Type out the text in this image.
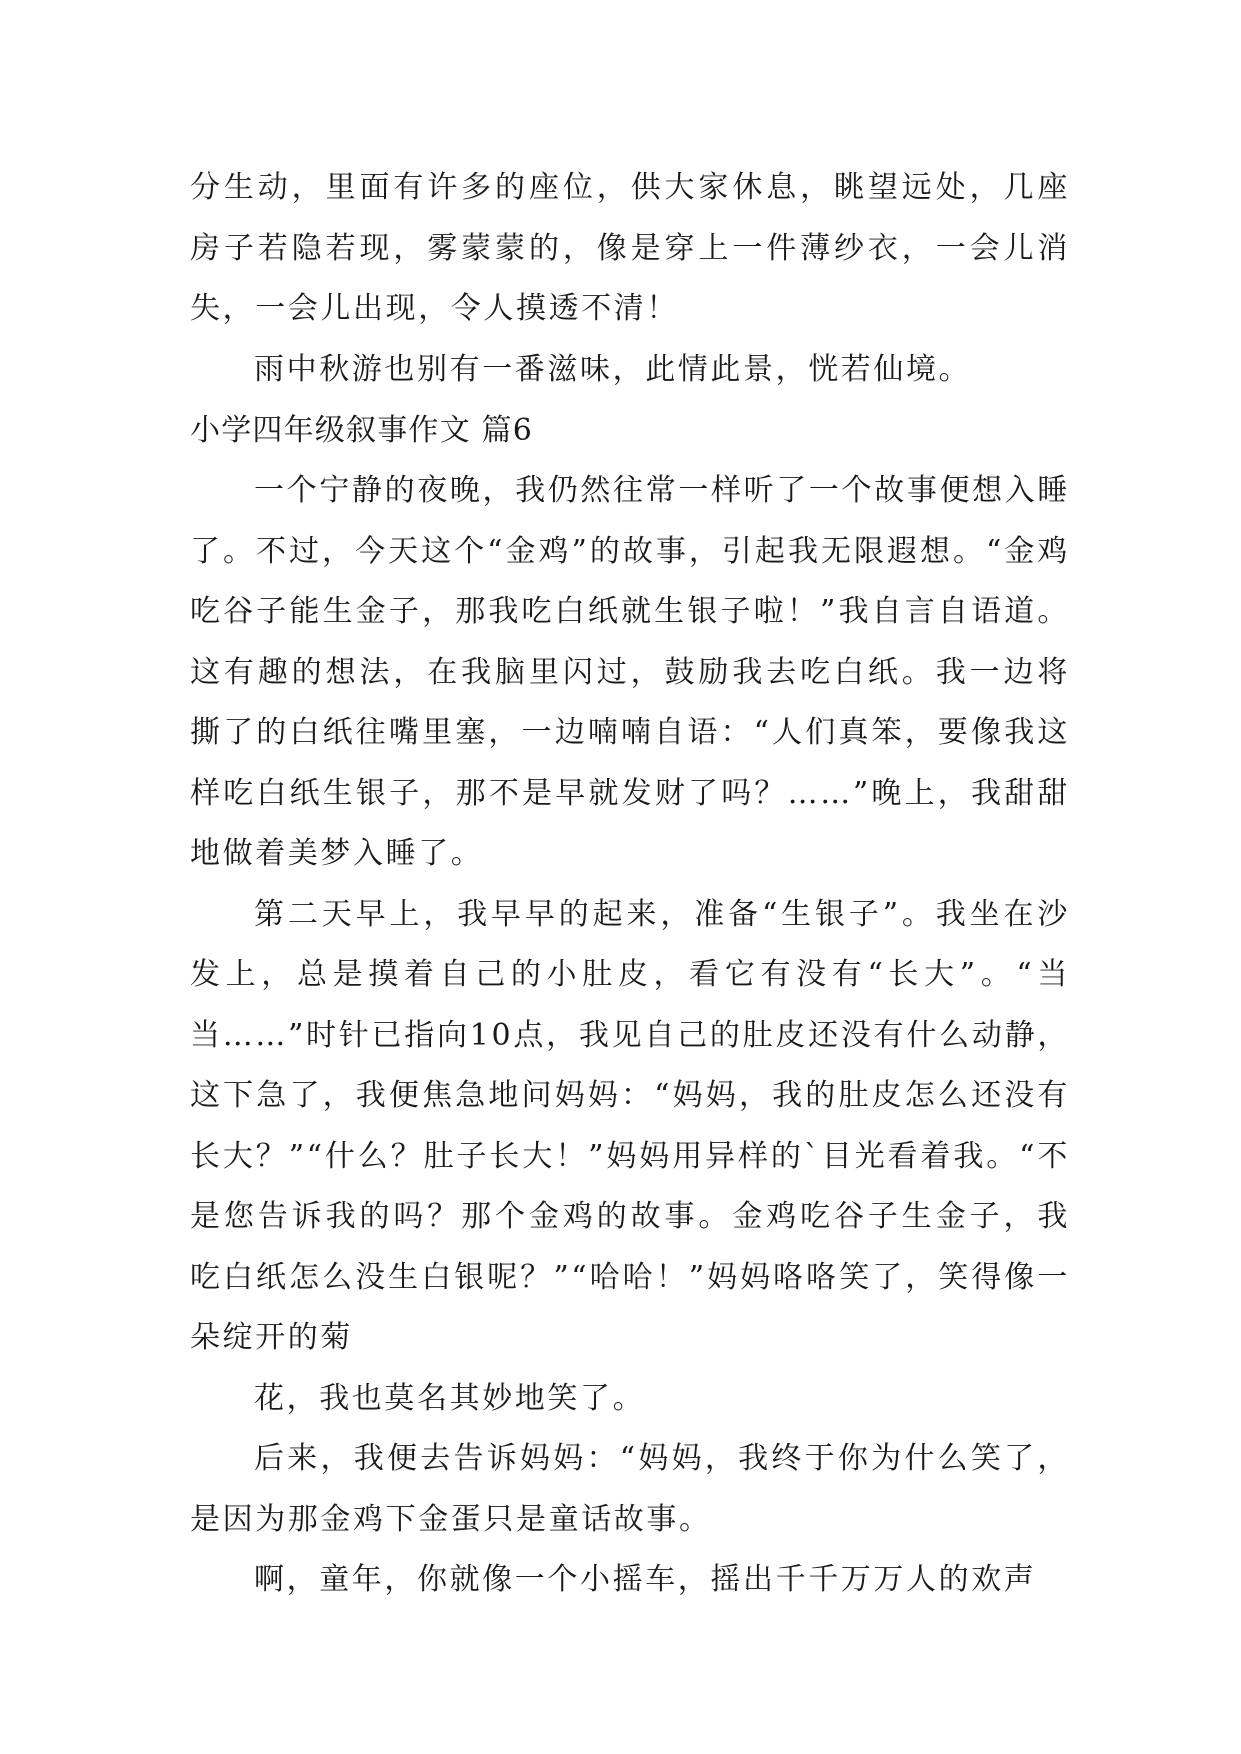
分生动，里面有许多的座位，供大家休息，眺望远处，几座房子若隐若现，雾蒙蒙的，像是穿上一件薄纱衣，一会儿消失，一会儿出现，令人摸透不清！

雨中秋游也别有一番滋味，此情此景，恍若仙境。

小学四年级叙事作文 篇6

一个宁静的夜晚，我仍然往常一样听了一个故事便想入睡了。不过，今天这个“金鸡”的故事，引起我无限遐想。“金鸡吃谷子能生金子，那我吃白纸就生银子啦！”我自言自语道。这有趣的想法，在我脑里闪过，鼓励我去吃白纸。我一边将撕了的白纸往嘴里塞，一边喃喃自语：“人们真笨，要像我这样吃白纸生银子，那不是早就发财了吗？……”晚上，我甜甜地做着美梦入睡了。

第二天早上，我早早的起来，准备“生银子”。我坐在沙发上，总是摸着自己的小肚皮，看它有没有“长大”。“当当……”时针已指向10点，我见自己的肚皮还没有什么动静，这下急了，我便焦急地问妈妈：“妈妈，我的肚皮怎么还没有长大？”“什么？肚子长大！”妈妈用异样的`目光看着我。“不是您告诉我的吗？那个金鸡的故事。金鸡吃谷子生金子，我吃白纸怎么没生白银呢？”“哈哈！”妈妈咯咯笑了，笑得像一朵绽开的菊

花，我也莫名其妙地笑了。

后来，我便去告诉妈妈：“妈妈，我终于你为什么笑了，是因为那金鸡下金蛋只是童话故事。

啊，童年，你就像一个小摇车，摇出千千万万人的欢声
